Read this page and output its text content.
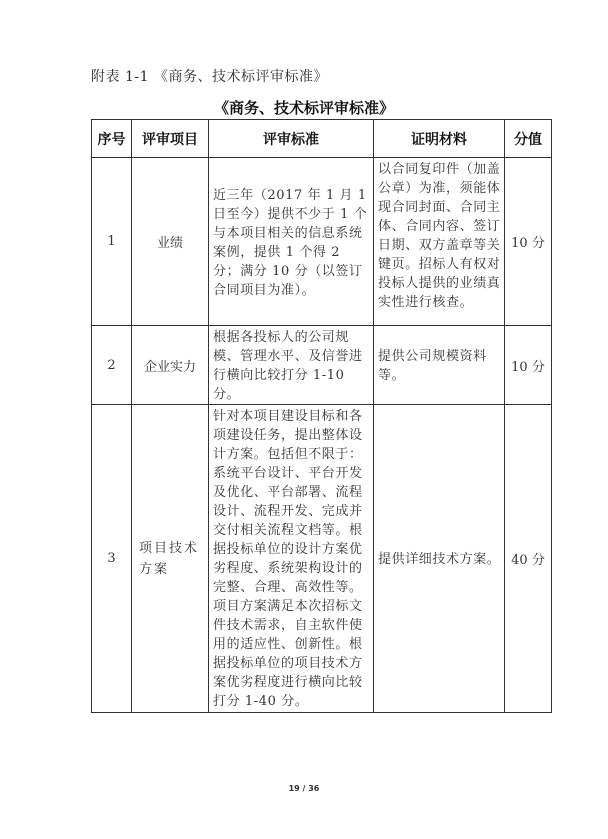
附表 1-1 《商务、技术标评审标准》
《商务、技术标评审标准》
序号	评审项目	评审标准	证明材料	分值
1	业绩	近三年（2017 年 1 月 1 日至今）提供不少于 1 个与本项目相关的信息系统案例，提供 1 个得 2 分；满分 10 分（以签订合同项目为准）。	以合同复印件（加盖公章）为准，须能体现合同封面、合同主体、合同内容、签订日期、双方盖章等关键页。招标人有权对投标人提供的业绩真实性进行核查。	10 分
2	企业实力	根据各投标人的公司规模、管理水平、及信誉进行横向比较打分 1-10 分。	提供公司规模资料等。	10 分
3	项目技术方案	针对本项目建设目标和各项建设任务，提出整体设计方案。包括但不限于：系统平台设计、平台开发及优化、平台部署、流程设计、流程开发、完成并交付相关流程文档等。根据投标单位的设计方案优劣程度、系统架构设计的完整、合理、高效性等。项目方案满足本次招标文件技术需求，自主软件使用的适应性、创新性。根据投标单位的项目技术方案优劣程度进行横向比较打分 1-40 分。	提供详细技术方案。	40 分
19 / 36
